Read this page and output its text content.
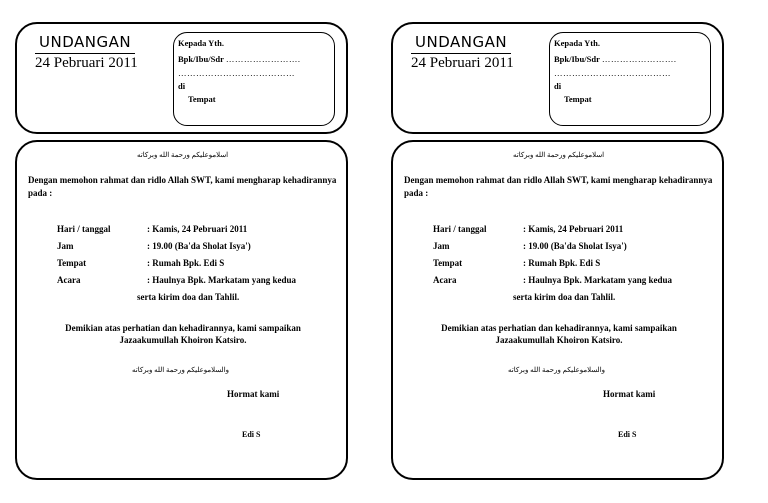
UNDANGAN
24 Pebruari 2011
Kepada Yth.
Bpk/Ibu/Sdr …………………….
…………………………………
di
Tempat
اسلاموعليكم ورحمة الله وبركاته
Dengan memohon rahmat dan ridlo Allah SWT, kami mengharap kehadirannya pada :
Hari / tanggal	: Kamis, 24 Pebruari 2011
Jam	: 19.00 (Ba'da Sholat Isya')
Tempat	: Rumah Bpk. Edi S
Acara	: Haulnya Bpk. Markatam yang kedua
serta kirim doa dan Tahlil.
Demikian atas perhatian dan kehadirannya, kami sampaikan
Jazaakumullah Khoiron Katsiro.
والسلاموعليكم ورحمة الله وبركاته
Hormat kami
Edi S
UNDANGAN
24 Pebruari 2011
Kepada Yth.
Bpk/Ibu/Sdr …………………….
…………………………………
di
Tempat
اسلاموعليكم ورحمة الله وبركاته
Dengan memohon rahmat dan ridlo Allah SWT, kami mengharap kehadirannya pada :
Hari / tanggal	: Kamis, 24 Pebruari 2011
Jam	: 19.00 (Ba'da Sholat Isya')
Tempat	: Rumah Bpk. Edi S
Acara	: Haulnya Bpk. Markatam yang kedua
serta kirim doa dan Tahlil.
Demikian atas perhatian dan kehadirannya, kami sampaikan
Jazaakumullah Khoiron Katsiro.
والسلاموعليكم ورحمة الله وبركاته
Hormat kami
Edi S
